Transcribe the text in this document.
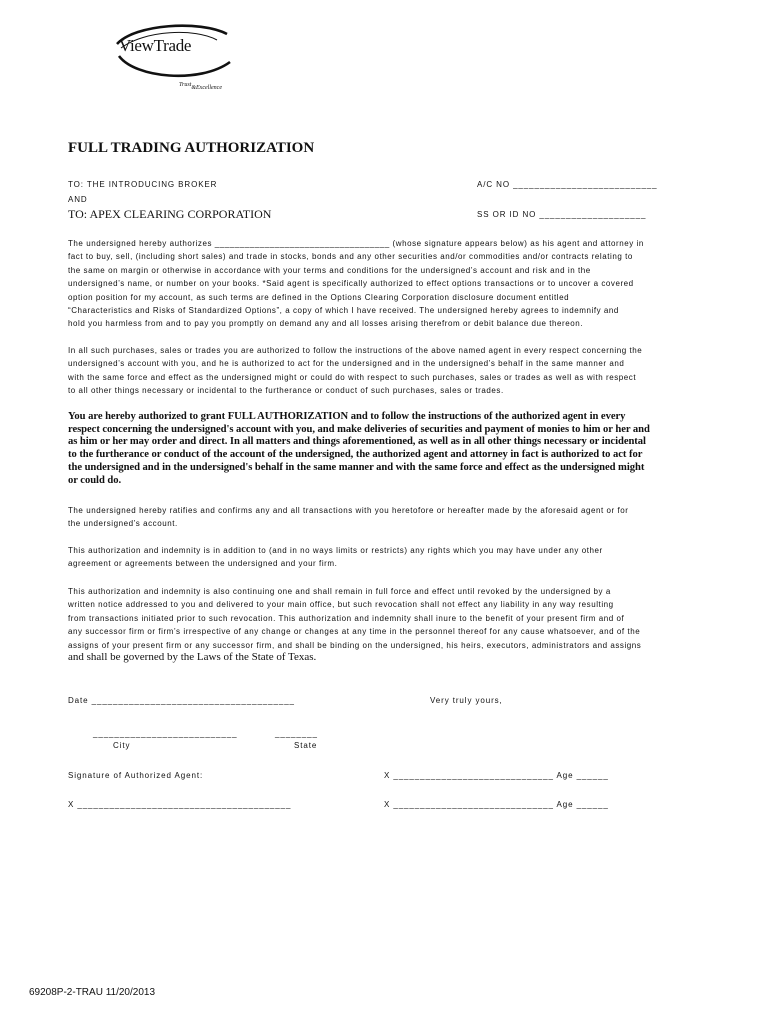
ViewTrade
Trust&Excellence
FULL TRADING AUTHORIZATION
TO: THE INTRODUCING BROKER
AND
TO: APEX CLEARING CORPORATION
A/C NO ___________________________
SS OR ID NO ____________________
The undersigned hereby authorizes ___________________________________ (whose signature appears below) as his agent and attorney in
fact to buy, sell, (including short sales) and trade in stocks, bonds and any other securities and/or commodities and/or contracts relating to
the same on margin or otherwise in accordance with your terms and conditions for the undersigned’s account and risk and in the
undersigned’s name, or number on your books. *Said agent is specifically authorized to effect options transactions or to uncover a covered
option position for my account, as such terms are defined in the Options Clearing Corporation disclosure document entitled
“Characteristics and Risks of Standardized Options”, a copy of which I have received. The undersigned hereby agrees to indemnify and
hold you harmless from and to pay you promptly on demand any and all losses arising therefrom or debit balance due thereon.
In all such purchases, sales or trades you are authorized to follow the instructions of the above named agent in every respect concerning the
undersigned’s account with you, and he is authorized to act for the undersigned and in the undersigned’s behalf in the same manner and
with the same force and effect as the undersigned might or could do with respect to such purchases, sales or trades as well as with respect
to all other things necessary or incidental to the furtherance or conduct of such purchases, sales or trades.
You are hereby authorized to grant FULL AUTHORIZATION and to follow the instructions of the authorized agent in every
respect concerning the undersigned's account with you, and make deliveries of securities and payment of monies to him or her and
as him or her may order and direct. In all matters and things aforementioned, as well as in all other things necessary or incidental
to the furtherance or conduct of the account of the undersigned, the authorized agent and attorney in fact is authorized to act for
the undersigned and in the undersigned's behalf in the same manner and with the same force and effect as the undersigned might
or could do.
The undersigned hereby ratifies and confirms any and all transactions with you heretofore or hereafter made by the aforesaid agent or for
the undersigned’s account.
This authorization and indemnity is in addition to (and in no ways limits or restricts) any rights which you may have under any other
agreement or agreements between the undersigned and your firm.
This authorization and indemnity is also continuing one and shall remain in full force and effect until revoked by the undersigned by a
written notice addressed to you and delivered to your main office, but such revocation shall not effect any liability in any way resulting
from transactions initiated prior to such revocation. This authorization and indemnity shall inure to the benefit of your present firm and of
any successor firm or firm’s irrespective of any change or changes at any time in the personnel thereof for any cause whatsoever, and of the
assigns of your present firm or any successor firm, and shall be binding on the undersigned, his heirs, executors, administrators and assigns
and shall be governed by the Laws of the State of Texas.
Date ______________________________________	Very truly yours,
___________________________	________
City	State
Signature of Authorized Agent:	X ______________________________ Age ______
X ________________________________________	X ______________________________ Age ______
69208P-2-TRAU 11/20/2013
